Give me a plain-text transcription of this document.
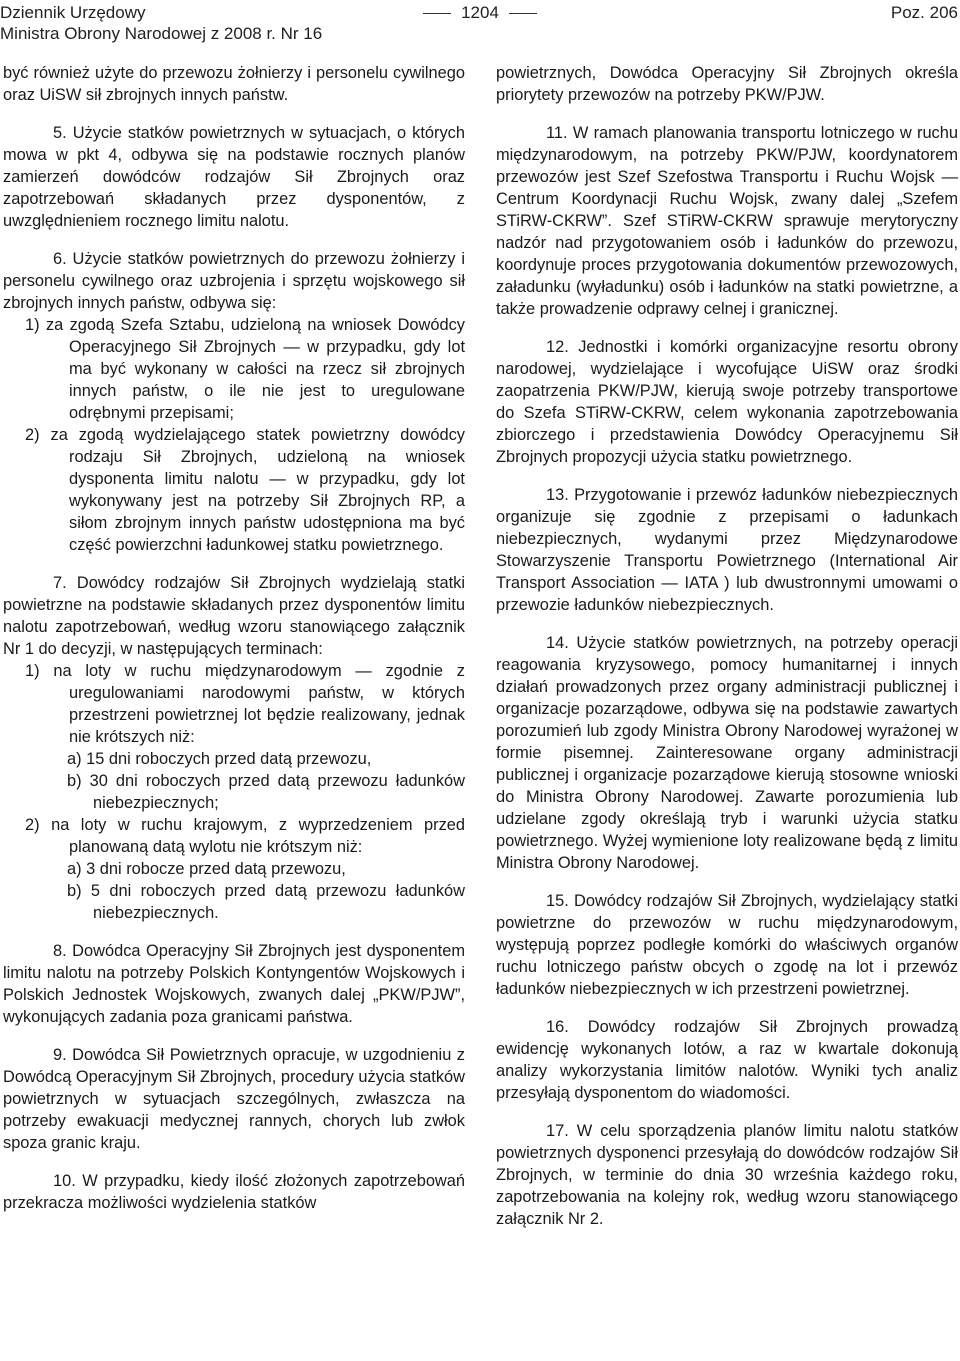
Dziennik Urzędowy
Ministra Obrony Narodowej z 2008 r. Nr 16
1204	Poz. 206

być również użyte do przewozu żołnierzy i personelu cywilnego oraz UiSW sił zbrojnych innych państw.

5. Użycie statków powietrznych w sytuacjach, o których mowa w pkt 4, odbywa się na podstawie rocznych planów zamierzeń dowódców rodzajów Sił Zbrojnych oraz zapotrzebowań składanych przez dysponentów, z uwzględnieniem rocznego limitu nalotu.

6. Użycie statków powietrznych do przewozu żołnierzy i personelu cywilnego oraz uzbrojenia i sprzętu wojskowego sił zbrojnych innych państw, odbywa się:

1) za zgodą Szefa Sztabu, udzieloną na wniosek Dowódcy Operacyjnego Sił Zbrojnych — w przypadku, gdy lot ma być wykonany w całości na rzecz sił zbrojnych innych państw, o ile nie jest to uregulowane odrębnymi przepisami;

2) za zgodą wydzielającego statek powietrzny dowódcy rodzaju Sił Zbrojnych, udzieloną na wniosek dysponenta limitu nalotu — w przypadku, gdy lot wykonywany jest na potrzeby Sił Zbrojnych RP, a siłom zbrojnym innych państw udostępniona ma być część powierzchni ładunkowej statku powietrznego.

7. Dowódcy rodzajów Sił Zbrojnych wydzielają statki powietrzne na podstawie składanych przez dysponentów limitu nalotu zapotrzebowań, według wzoru stanowiącego załącznik Nr 1 do decyzji, w następujących terminach:

1) na loty w ruchu międzynarodowym — zgodnie z uregulowaniami narodowymi państw, w których przestrzeni powietrznej lot będzie realizowany, jednak nie krótszych niż:

a) 15 dni roboczych przed datą przewozu,

b) 30 dni roboczych przed datą przewozu ładunków niebezpiecznych;

2) na loty w ruchu krajowym, z wyprzedzeniem przed planowaną datą wylotu nie krótszym niż:

a) 3 dni robocze przed datą przewozu,

b) 5 dni roboczych przed datą przewozu ładunków niebezpiecznych.

8. Dowódca Operacyjny Sił Zbrojnych jest dysponentem limitu nalotu na potrzeby Polskich Kontyngentów Wojskowych i Polskich Jednostek Wojskowych, zwanych dalej „PKW/PJW”, wykonujących zadania poza granicami państwa.

9. Dowódca Sił Powietrznych opracuje, w uzgodnieniu z Dowódcą Operacyjnym Sił Zbrojnych, procedury użycia statków powietrznych w sytuacjach szczególnych, zwłaszcza na potrzeby ewakuacji medycznej rannych, chorych lub zwłok spoza granic kraju.

10. W przypadku, kiedy ilość złożonych zapotrzebowań przekracza możliwości wydzielenia statków

powietrznych, Dowódca Operacyjny Sił Zbrojnych określa priorytety przewozów na potrzeby PKW/PJW.

11. W ramach planowania transportu lotniczego w ruchu międzynarodowym, na potrzeby PKW/PJW, koordynatorem przewozów jest Szef Szefostwa Transportu i Ruchu Wojsk — Centrum Koordynacji Ruchu Wojsk, zwany dalej „Szefem STiRW-CKRW”. Szef STiRW-CKRW sprawuje merytoryczny nadzór nad przygotowaniem osób i ładunków do przewozu, koordynuje proces przygotowania dokumentów przewozowych, załadunku (wyładunku) osób i ładunków na statki powietrzne, a także prowadzenie odprawy celnej i granicznej.

12. Jednostki i komórki organizacyjne resortu obrony narodowej, wydzielające i wycofujące UiSW oraz środki zaopatrzenia PKW/PJW, kierują swoje potrzeby transportowe do Szefa STiRW-CKRW, celem wykonania zapotrzebowania zbiorczego i przedstawienia Dowódcy Operacyjnemu Sił Zbrojnych propozycji użycia statku powietrznego.

13. Przygotowanie i przewóz ładunków niebezpiecznych organizuje się zgodnie z przepisami o ładunkach niebezpiecznych, wydanymi przez Międzynarodowe Stowarzyszenie Transportu Powietrznego (International Air Transport Association — IATA ) lub dwustronnymi umowami o przewozie ładunków niebezpiecznych.

14. Użycie statków powietrznych, na potrzeby operacji reagowania kryzysowego, pomocy humanitarnej i innych działań prowadzonych przez organy administracji publicznej i organizacje pozarządowe, odbywa się na podstawie zawartych porozumień lub zgody Ministra Obrony Narodowej wyrażonej w formie pisemnej. Zainteresowane organy administracji publicznej i organizacje pozarządowe kierują stosowne wnioski do Ministra Obrony Narodowej. Zawarte porozumienia lub udzielane zgody określają tryb i warunki użycia statku powietrznego. Wyżej wymienione loty realizowane będą z limitu Ministra Obrony Narodowej.

15. Dowódcy rodzajów Sił Zbrojnych, wydzielający statki powietrzne do przewozów w ruchu międzynarodowym, występują poprzez podległe komórki do właściwych organów ruchu lotniczego państw obcych o zgodę na lot i przewóz ładunków niebezpiecznych w ich przestrzeni powietrznej.

16. Dowódcy rodzajów Sił Zbrojnych prowadzą ewidencję wykonanych lotów, a raz w kwartale dokonują analizy wykorzystania limitów nalotów. Wyniki tych analiz przesyłają dysponentom do wiadomości.

17. W celu sporządzenia planów limitu nalotu statków powietrznych dysponenci przesyłają do dowódców rodzajów Sił Zbrojnych, w terminie do dnia 30 września każdego roku, zapotrzebowania na kolejny rok, według wzoru stanowiącego załącznik Nr 2.
